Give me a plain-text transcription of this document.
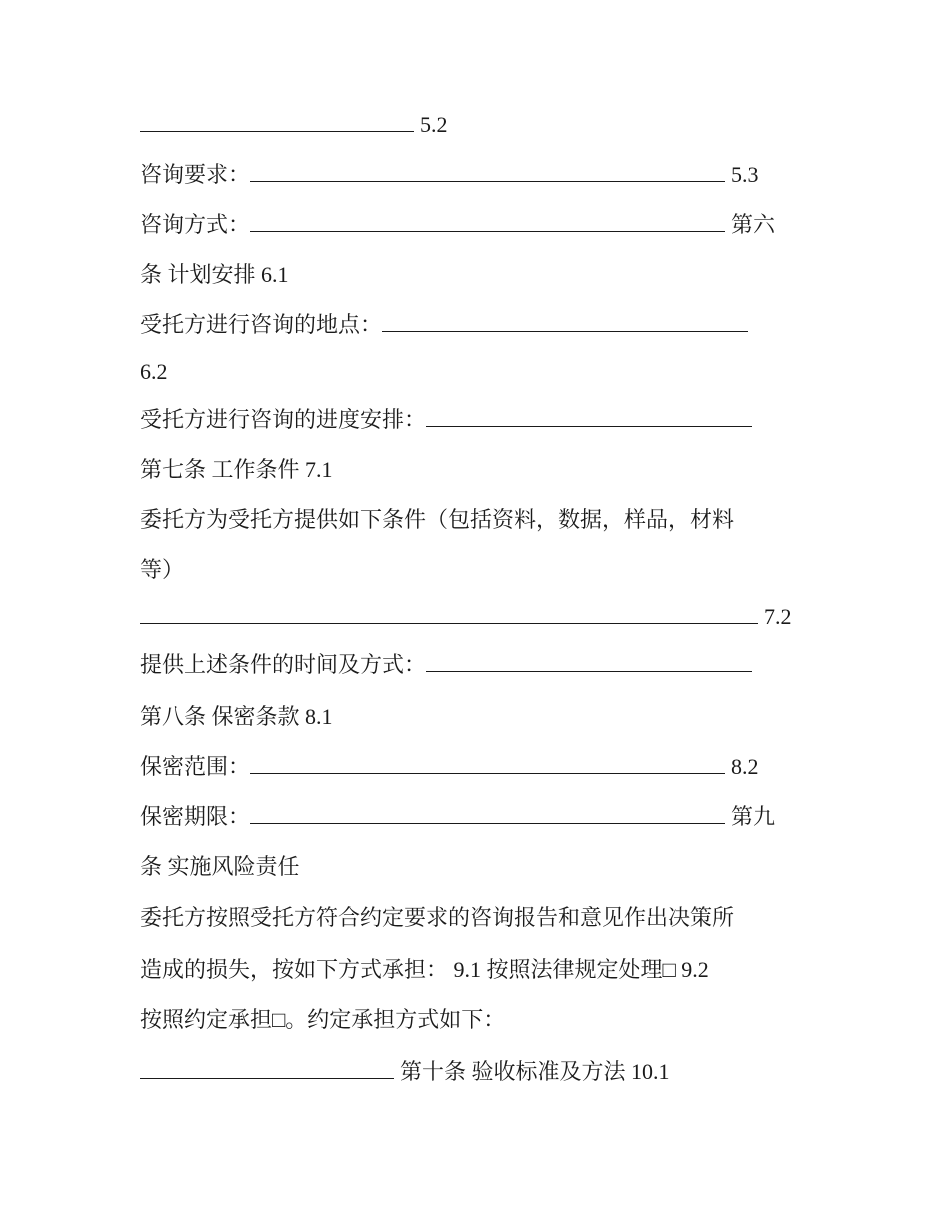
5.2
咨询要求：	5.3
咨询方式：	第六
条 计划安排 6.1
受托方进行咨询的地点：
6.2
受托方进行咨询的进度安排：
第七条 工作条件 7.1
委托方为受托方提供如下条件（包括资料，数据，样品，材料
等）
7.2
提供上述条件的时间及方式：
第八条 保密条款 8.1
保密范围：	8.2
保密期限：	第九
条 实施风险责任
委托方按照受托方符合约定要求的咨询报告和意见作出决策所
造成的损失，按如下方式承担： 9.1 按照法律规定处理□ 9.2
按照约定承担□。约定承担方式如下：
第十条 验收标准及方法 10.1
